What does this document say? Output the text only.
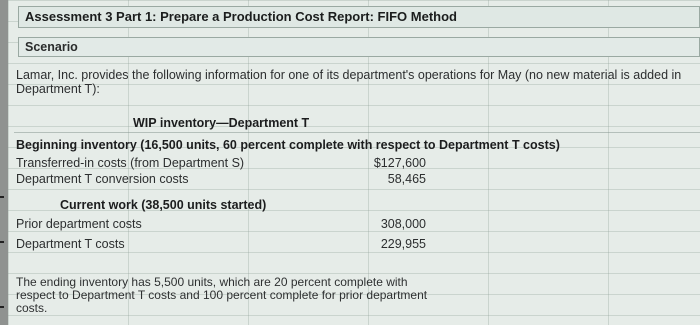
Assessment 3 Part 1: Prepare a Production Cost Report: FIFO Method
Scenario
Lamar, Inc. provides the following information for one of its department's operations for May (no new material is added in Department T):
WIP inventory—Department T
Beginning inventory (16,500 units, 60 percent complete with respect to Department T costs)
Transferred-in costs (from Department S)	$127,600
Department T conversion costs	58,465
Current work (38,500 units started)
Prior department costs	308,000
Department T costs	229,955
The ending inventory has 5,500 units, which are 20 percent complete with respect to Department T costs and 100 percent complete for prior department costs.
